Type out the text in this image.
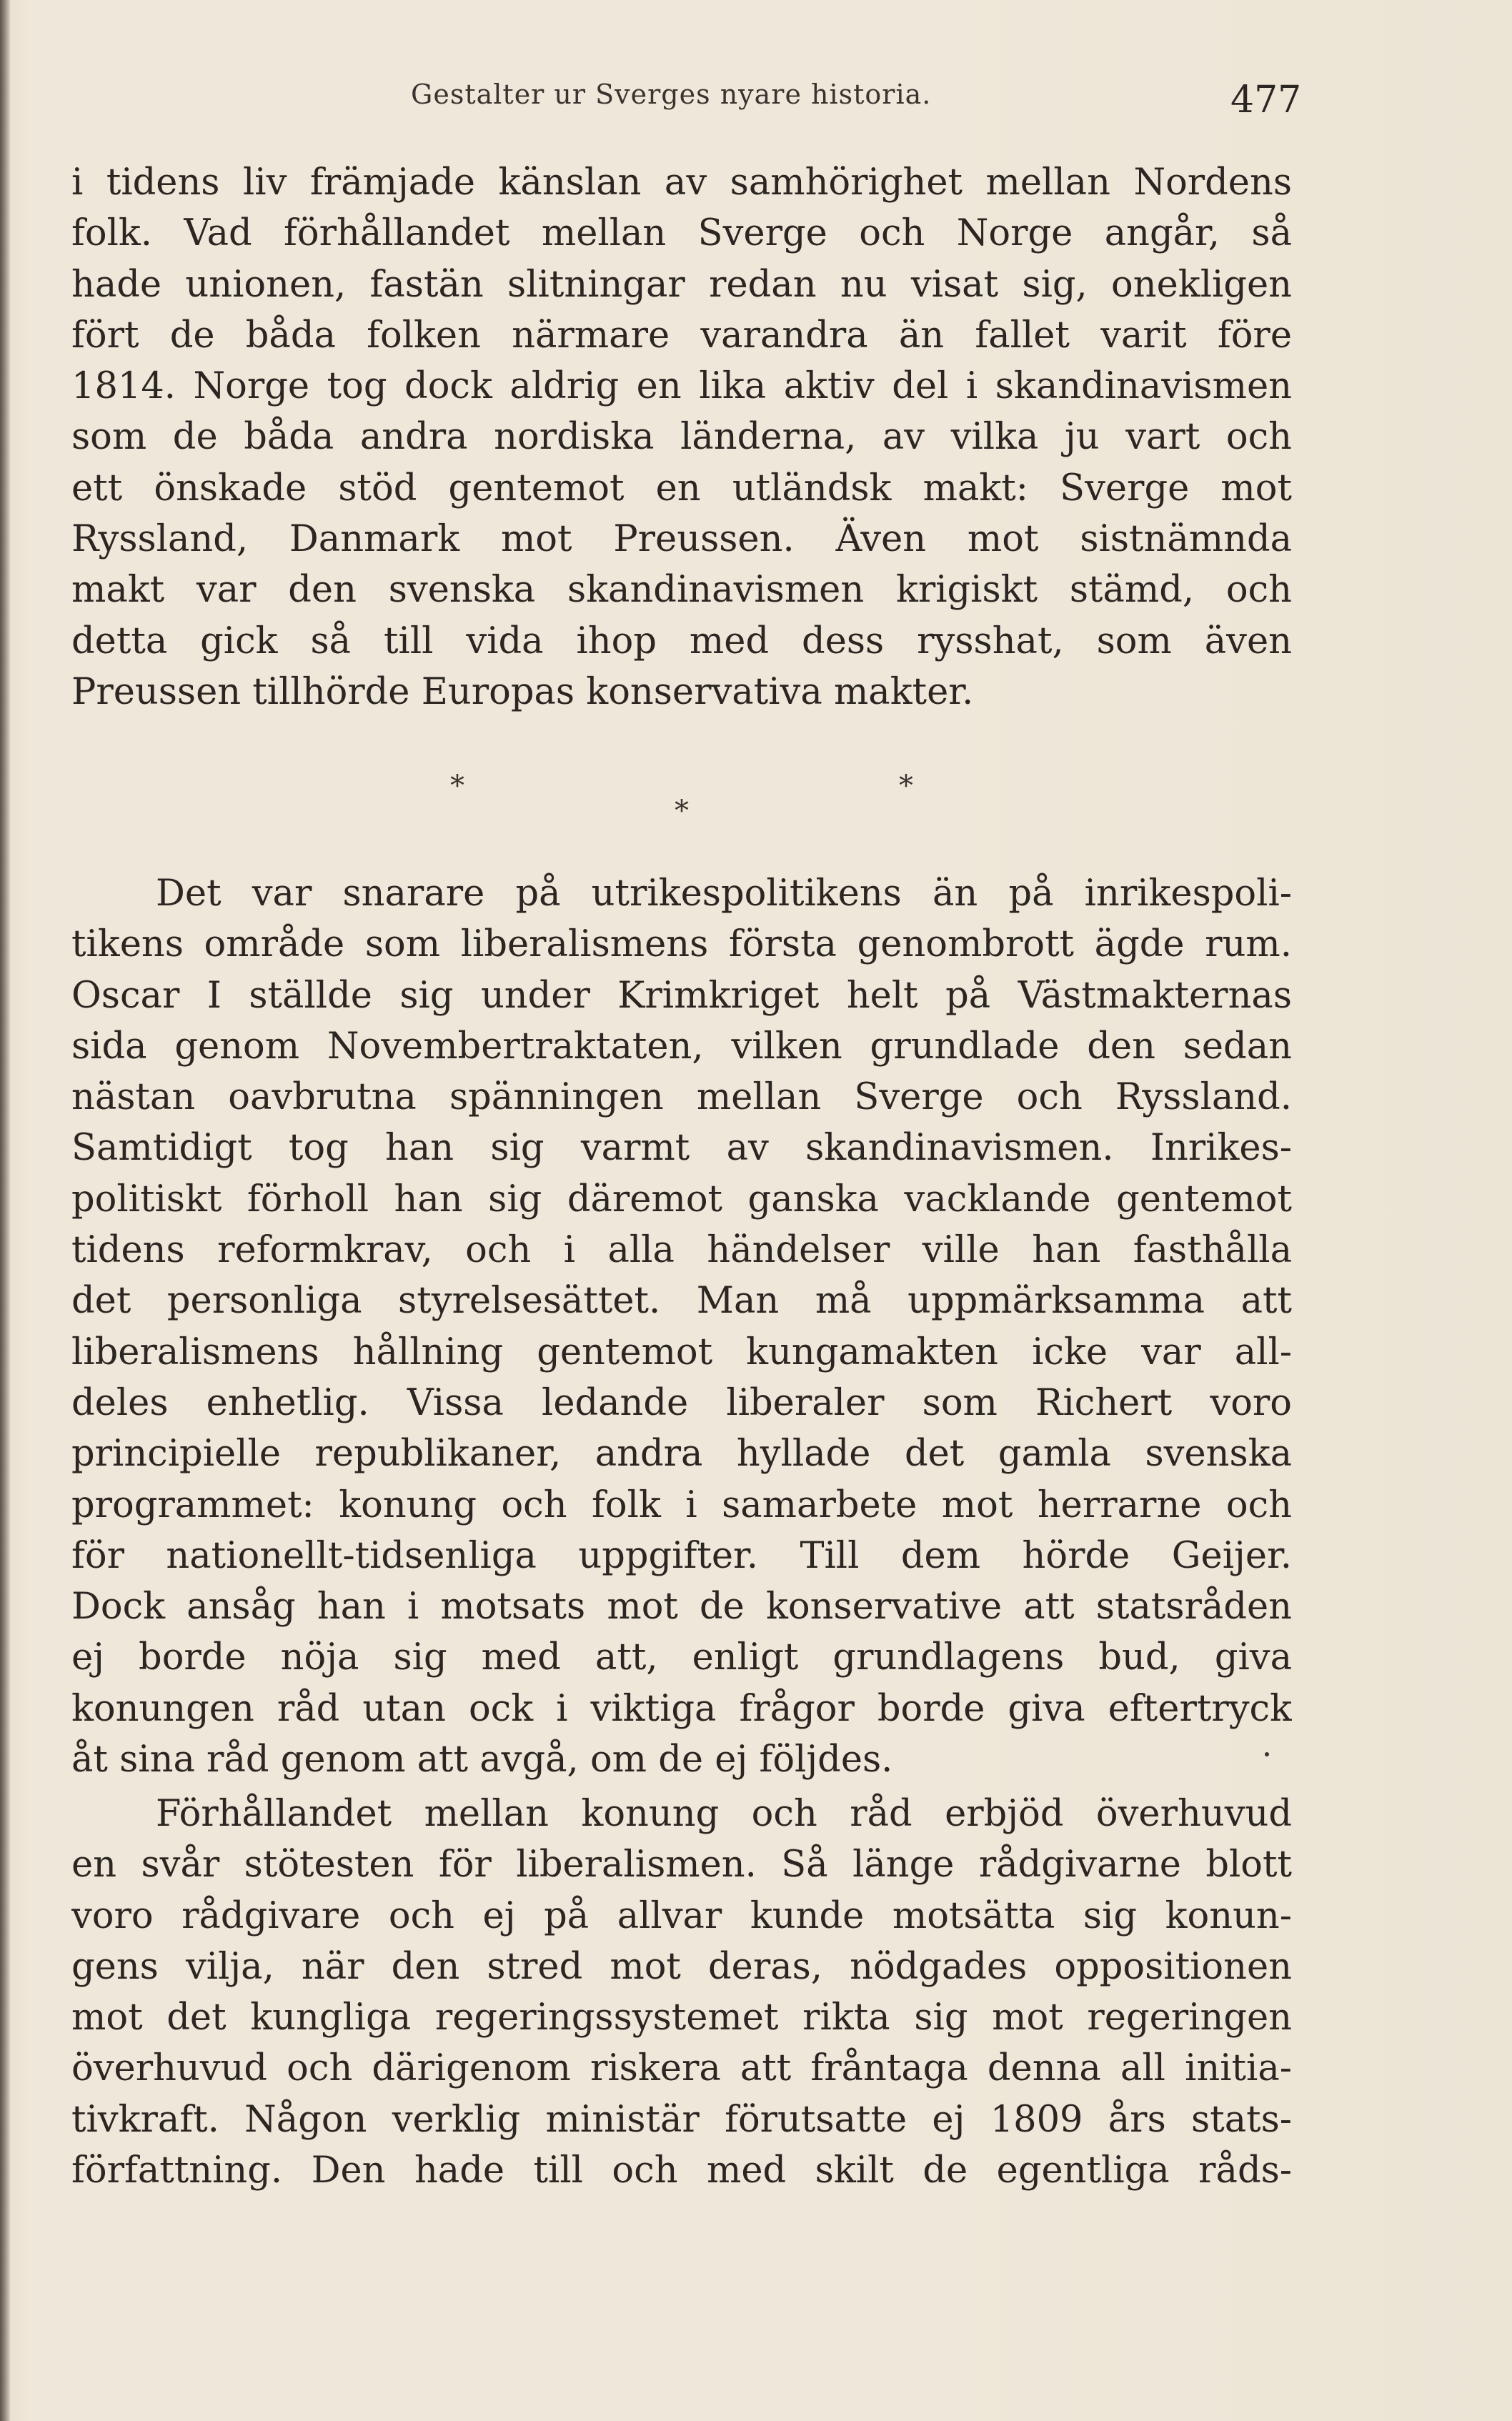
Gestalter ur Sverges nyare historia.	477
i tidens liv främjade känslan av samhörighet mellan Nordens
folk. Vad förhållandet mellan Sverge och Norge angår, så
hade unionen, fastän slitningar redan nu visat sig, onekligen
fört de båda folken närmare varandra än fallet varit före
1814. Norge tog dock aldrig en lika aktiv del i skandinavismen
som de båda andra nordiska länderna, av vilka ju vart och
ett önskade stöd gentemot en utländsk makt: Sverge mot
Ryssland, Danmark mot Preussen. Även mot sistnämnda
makt var den svenska skandinavismen krigiskt stämd, och
detta gick så till vida ihop med dess rysshat, som även
Preussen tillhörde Europas konservativa makter.
*
*
*
Det var snarare på utrikespolitikens än på inrikespoli-
tikens område som liberalismens första genombrott ägde rum.
Oscar I ställde sig under Krimkriget helt på Västmakternas
sida genom Novembertraktaten, vilken grundlade den sedan
nästan oavbrutna spänningen mellan Sverge och Ryssland.
Samtidigt tog han sig varmt av skandinavismen. Inrikes-
politiskt förholl han sig däremot ganska vacklande gentemot
tidens reformkrav, och i alla händelser ville han fasthålla
det personliga styrelsesättet. Man må uppmärksamma att
liberalismens hållning gentemot kungamakten icke var all-
deles enhetlig. Vissa ledande liberaler som Richert voro
principielle republikaner, andra hyllade det gamla svenska
programmet: konung och folk i samarbete mot herrarne och
för nationellt-tidsenliga uppgifter. Till dem hörde Geijer.
Dock ansåg han i motsats mot de konservative att statsråden
ej borde nöja sig med att, enligt grundlagens bud, giva
konungen råd utan ock i viktiga frågor borde giva eftertryck
åt sina råd genom att avgå, om de ej följdes.
Förhållandet mellan konung och råd erbjöd överhuvud
en svår stötesten för liberalismen. Så länge rådgivarne blott
voro rådgivare och ej på allvar kunde motsätta sig konun-
gens vilja, när den stred mot deras, nödgades oppositionen
mot det kungliga regeringssystemet rikta sig mot regeringen
överhuvud och därigenom riskera att fråntaga denna all initia-
tivkraft. Någon verklig ministär förutsatte ej 1809 års stats-
författning. Den hade till och med skilt de egentliga råds-
